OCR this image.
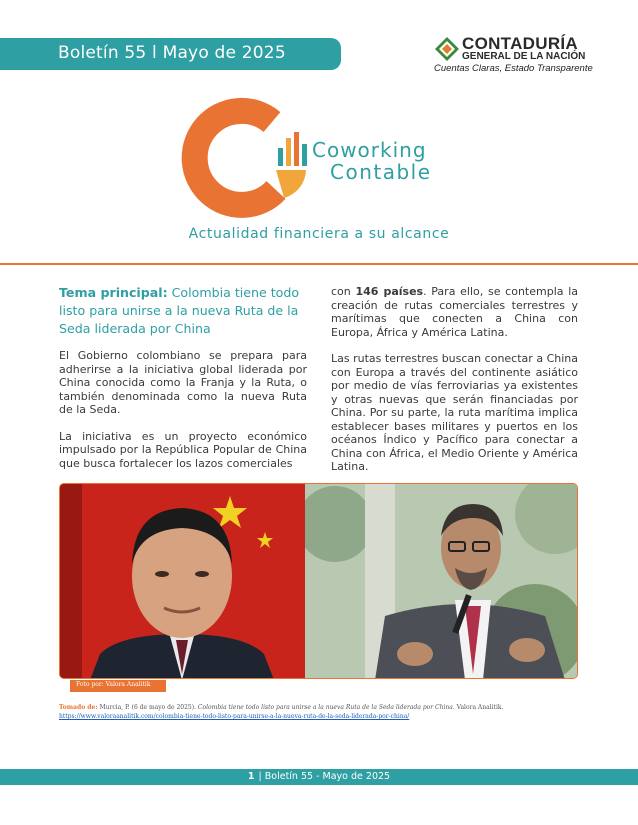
Boletín 55 l Mayo de 2025	CONTADURÍA
GENERAL DE LA NACIÓN
Cuentas Claras, Estado Transparente
Coworking
Contable
Actualidad financiera a su alcance
Tema principal: Colombia tiene todo listo para unirse a la nueva Ruta de la Seda liderada por China

El Gobierno colombiano se prepara para adherirse a la iniciativa global liderada por China conocida como la Franja y la Ruta, o también denominada como la nueva Ruta de la Seda.

La iniciativa es un proyecto económico impulsado por la República Popular de China que busca fortalecer los lazos comerciales

con 146 países. Para ello, se contempla la creación de rutas comerciales terrestres y marítimas que conecten a China con Europa, África y América Latina.

Las rutas terrestres buscan conectar a China con Europa a través del continente asiático por medio de vías ferroviarias ya existentes y otras nuevas que serán financiadas por China. Por su parte, la ruta marítima implica establecer bases militares y puertos en los océanos Índico y Pacífico para conectar a China con África, el Medio Oriente y América Latina.

Foto por: Valora Analitik
Tomado de: Murcia, P. (6 de mayo de 2025). Colombia tiene todo listo para unirse a la nueva Ruta de la Seda liderada por China. Valora Analitik. https://www.valoraanalitik.com/colombia-tiene-todo-listo-para-unirse-a-la-nueva-ruta-de-la-seda-liderada-por-china/
1 | Boletín 55 - Mayo de 2025
